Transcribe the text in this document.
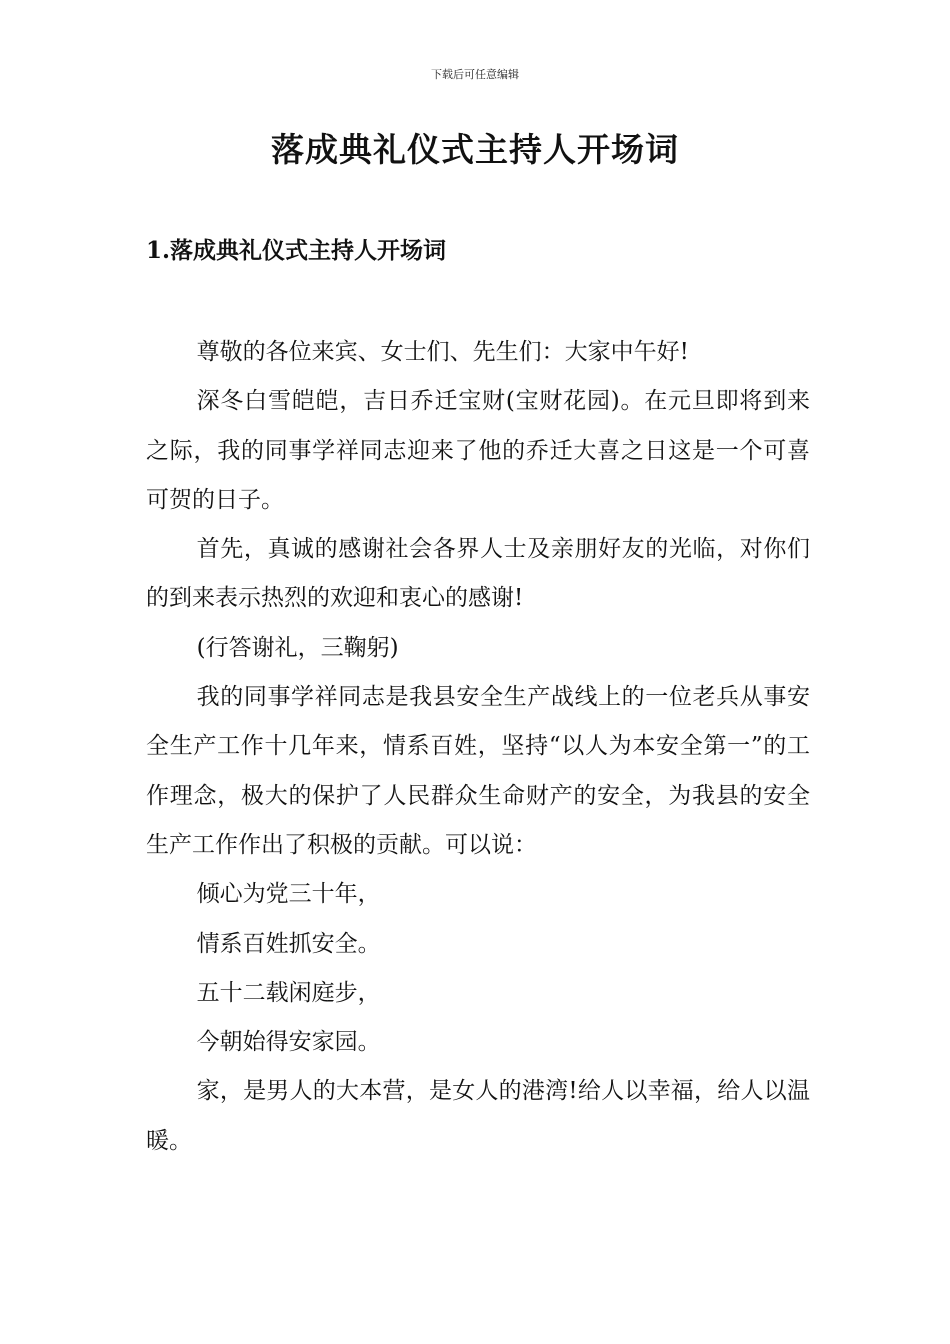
下载后可任意编辑
落成典礼仪式主持人开场词
1.落成典礼仪式主持人开场词

尊敬的各位来宾、女士们、先生们：大家中午好!

深冬白雪皑皑，吉日乔迁宝财(宝财花园)。在元旦即将到来之际，我的同事学祥同志迎来了他的乔迁大喜之日这是一个可喜可贺的日子。

首先，真诚的感谢社会各界人士及亲朋好友的光临，对你们的到来表示热烈的欢迎和衷心的感谢!

(行答谢礼，三鞠躬)

我的同事学祥同志是我县安全生产战线上的一位老兵从事安全生产工作十几年来，情系百姓，坚持“以人为本安全第一”的工作理念，极大的保护了人民群众生命财产的安全，为我县的安全生产工作作出了积极的贡献。可以说：

倾心为党三十年，

情系百姓抓安全。

五十二载闲庭步，

今朝始得安家园。

家，是男人的大本营，是女人的港湾!给人以幸福，给人以温暖。
